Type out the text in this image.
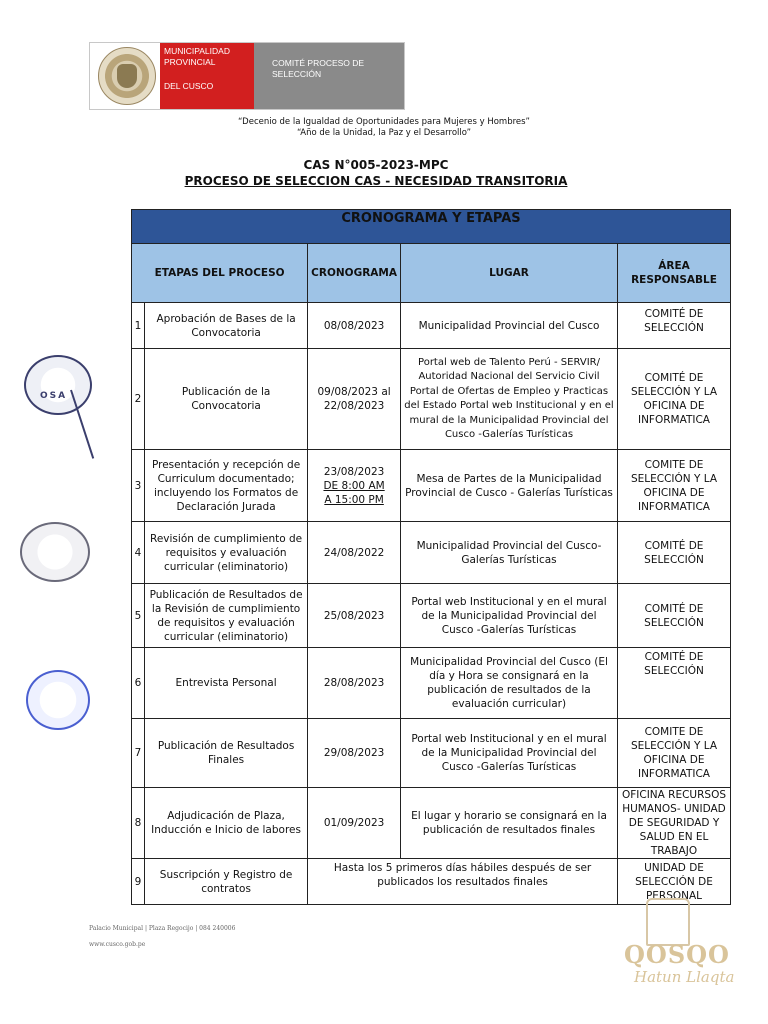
MUNICIPALIDAD
PROVINCIAL
DEL CUSCO
COMITÉ PROCESO DE
SELECCIÓN
“Decenio de la Igualdad de Oportunidades para Mujeres y Hombres”
“Año de la Unidad, la Paz y el Desarrollo”
CAS N°005-2023-MPC
PROCESO DE SELECCION CAS - NECESIDAD TRANSITORIA
CRONOGRAMA Y ETAPAS				
ETAPAS DEL PROCESO		CRONOGRAMA	LUGAR	ÁREA RESPONSABLE
1	Aprobación de Bases de la Convocatoria	08/08/2023	Municipalidad Provincial del Cusco	COMITÉ DE SELECCIÓN
2	Publicación de la Convocatoria	09/08/2023 al 22/08/2023	Portal web de Talento Perú - SERVIR/ Autoridad Nacional del Servicio Civil Portal de Ofertas de Empleo y Practicas del Estado Portal web Institucional y en el mural de la Municipalidad Provincial del Cusco -Galerías Turísticas	COMITÉ DE SELECCIÓN Y LA OFICINA DE INFORMATICA
3	Presentación y recepción de Curriculum documentado; incluyendo los Formatos de Declaración Jurada	23/08/2023
DE 8:00 AM
A 15:00 PM	Mesa de Partes de la Municipalidad Provincial de Cusco - Galerías Turísticas	COMITE DE SELECCIÓN Y LA OFICINA DE INFORMATICA
4	Revisión de cumplimiento de requisitos y evaluación curricular (eliminatorio)	24/08/2022	Municipalidad Provincial del Cusco- Galerías Turísticas	COMITÉ DE SELECCIÓN
5	Publicación de Resultados de la Revisión de cumplimiento de requisitos y evaluación curricular (eliminatorio)	25/08/2023	Portal web Institucional y en el mural de la Municipalidad Provincial del Cusco -Galerías Turísticas	COMITÉ DE SELECCIÓN
6	Entrevista Personal	28/08/2023	Municipalidad Provincial del Cusco (El día y Hora se consignará en la publicación de resultados de la evaluación curricular)	COMITÉ DE SELECCIÓN
7	Publicación de Resultados Finales	29/08/2023	Portal web Institucional y en el mural de la Municipalidad Provincial del Cusco -Galerías Turísticas	COMITE DE SELECCIÓN Y LA OFICINA DE INFORMATICA
8	Adjudicación de Plaza, Inducción e Inicio de labores	01/09/2023	El lugar y horario se consignará en la publicación de resultados finales	OFICINA RECURSOS HUMANOS- UNIDAD DE SEGURIDAD Y SALUD EN EL TRABAJO
9	Suscripción y Registro de contratos	Hasta los 5 primeros días hábiles después de ser publicados los resultados finales		UNIDAD DE SELECCIÓN DE PERSONAL
OSA
Palacio Municipal | Plaza Regocijo | 084 240006
www.cusco.gob.pe	QOSQO
Hatun Llaqta
